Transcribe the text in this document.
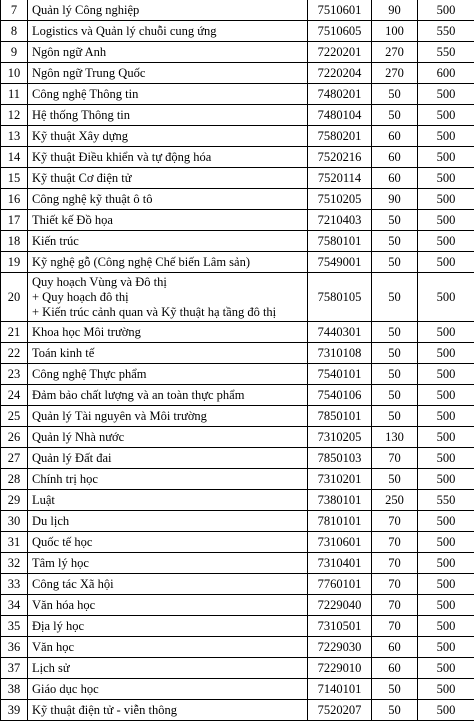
7	Quản lý Công nghiệp	7510601	90	500
8	Logistics và Quản lý chuỗi cung ứng	7510605	100	550
9	Ngôn ngữ Anh	7220201	270	550
10	Ngôn ngữ Trung Quốc	7220204	270	600
11	Công nghệ Thông tin	7480201	50	500
12	Hệ thống Thông tin	7480104	50	500
13	Kỹ thuật Xây dựng	7580201	60	500
14	Kỹ thuật Điều khiển và tự động hóa	7520216	60	500
15	Kỹ thuật Cơ điện tử	7520114	60	500
16	Công nghệ kỹ thuật ô tô	7510205	90	500
17	Thiết kế Đồ họa	7210403	50	500
18	Kiến trúc	7580101	50	500
19	Kỹ nghệ gỗ (Công nghệ Chế biến Lâm sản)	7549001	50	500
20	Quy hoạch Vùng và Đô thị
+ Quy hoạch đô thị
+ Kiến trúc cảnh quan và Kỹ thuật hạ tầng đô thị	7580105	50	500
21	Khoa học Môi trường	7440301	50	500
22	Toán kinh tế	7310108	50	500
23	Công nghệ Thực phẩm	7540101	50	500
24	Đảm bảo chất lượng và an toàn thực phẩm	7540106	50	500
25	Quản lý Tài nguyên và Môi trường	7850101	50	500
26	Quản lý Nhà nước	7310205	130	500
27	Quản lý Đất đai	7850103	70	500
28	Chính trị học	7310201	50	500
29	Luật	7380101	250	550
30	Du lịch	7810101	70	500
31	Quốc tế học	7310601	70	500
32	Tâm lý học	7310401	70	500
33	Công tác Xã hội	7760101	70	500
34	Văn hóa học	7229040	70	500
35	Địa lý học	7310501	70	500
36	Văn học	7229030	60	500
37	Lịch sử	7229010	60	500
38	Giáo dục học	7140101	50	500
39	Kỹ thuật điện tử - viễn thông	7520207	50	500
